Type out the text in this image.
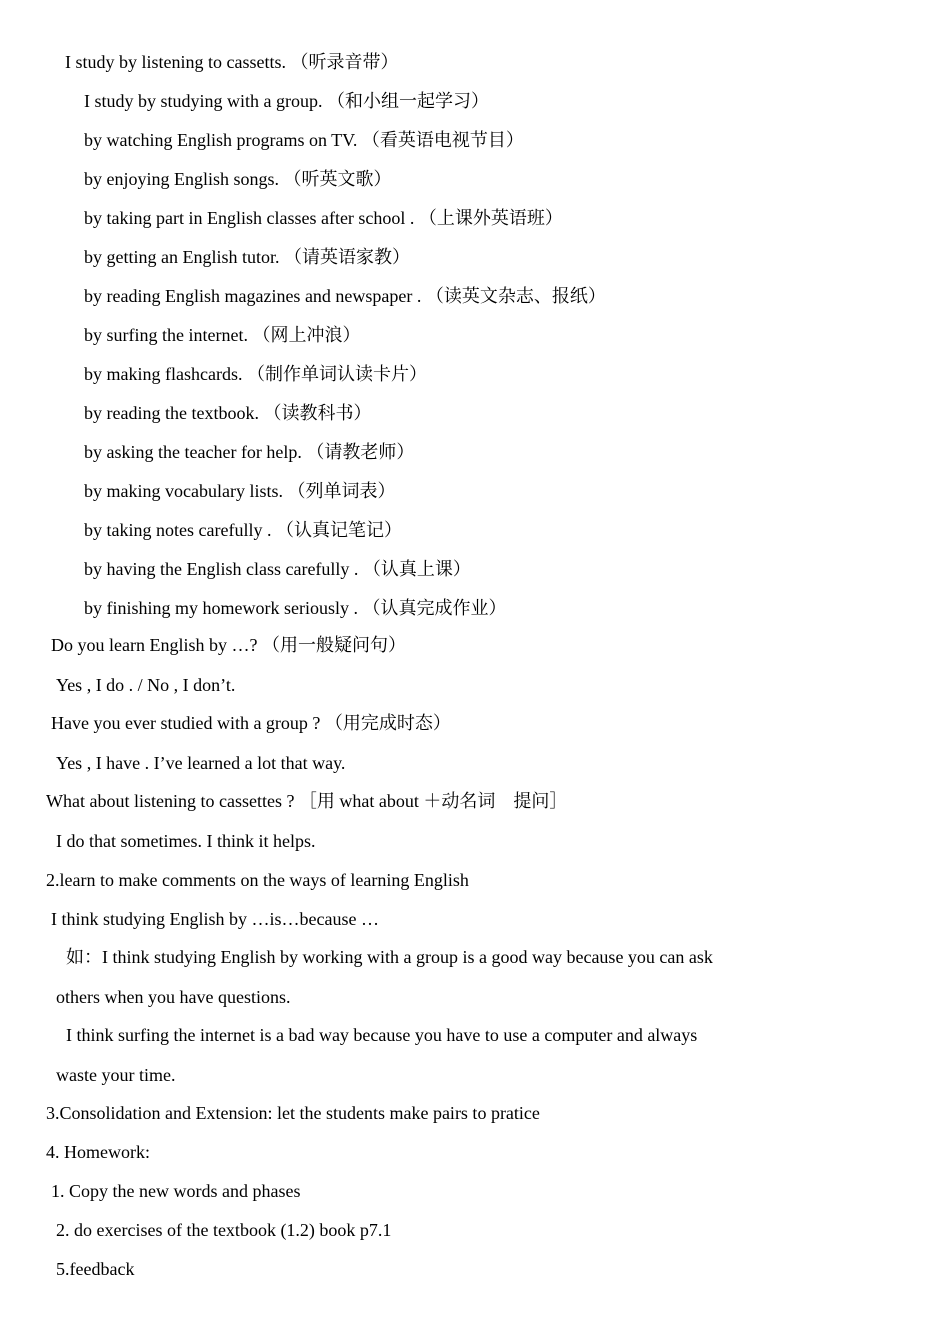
I study by listening to cassetts. （听录音带）

I study by studying with a group. （和小组一起学习）

by watching English programs on TV. （看英语电视节目）

by enjoying English songs. （听英文歌）

by taking part in English classes after school . （上课外英语班）

by getting an English tutor. （请英语家教）

by reading English magazines and newspaper . （读英文杂志、报纸）

by surfing the internet. （网上冲浪）

by making flashcards. （制作单词认读卡片）

by reading the textbook. （读教科书）

by asking the teacher for help. （请教老师）

by making vocabulary lists. （列单词表）

by taking notes carefully . （认真记笔记）

by having the English class carefully . （认真上课）

by finishing my homework seriously . （认真完成作业）

Do you learn English by …? （用一般疑问句）

Yes , I do . / No , I don’t.

Have you ever studied with a group ? （用完成时态）

Yes , I have . I’ve learned a lot that way.

What about listening to cassettes ? ［用 what about ＋动名词　提问］

I do that sometimes. I think it helps.

2.learn to make comments on the ways of learning English

I think studying English by …is…because …

如：I think studying English by working with a group is a good way because you can ask

others when you have questions.

I think surfing the internet is a bad way because you have to use a computer and always

waste your time.

3.Consolidation and Extension: let the students make pairs to pratice

4. Homework:

1. Copy the new words and phases

2. do exercises of the textbook (1.2) book p7.1

5.feedback
